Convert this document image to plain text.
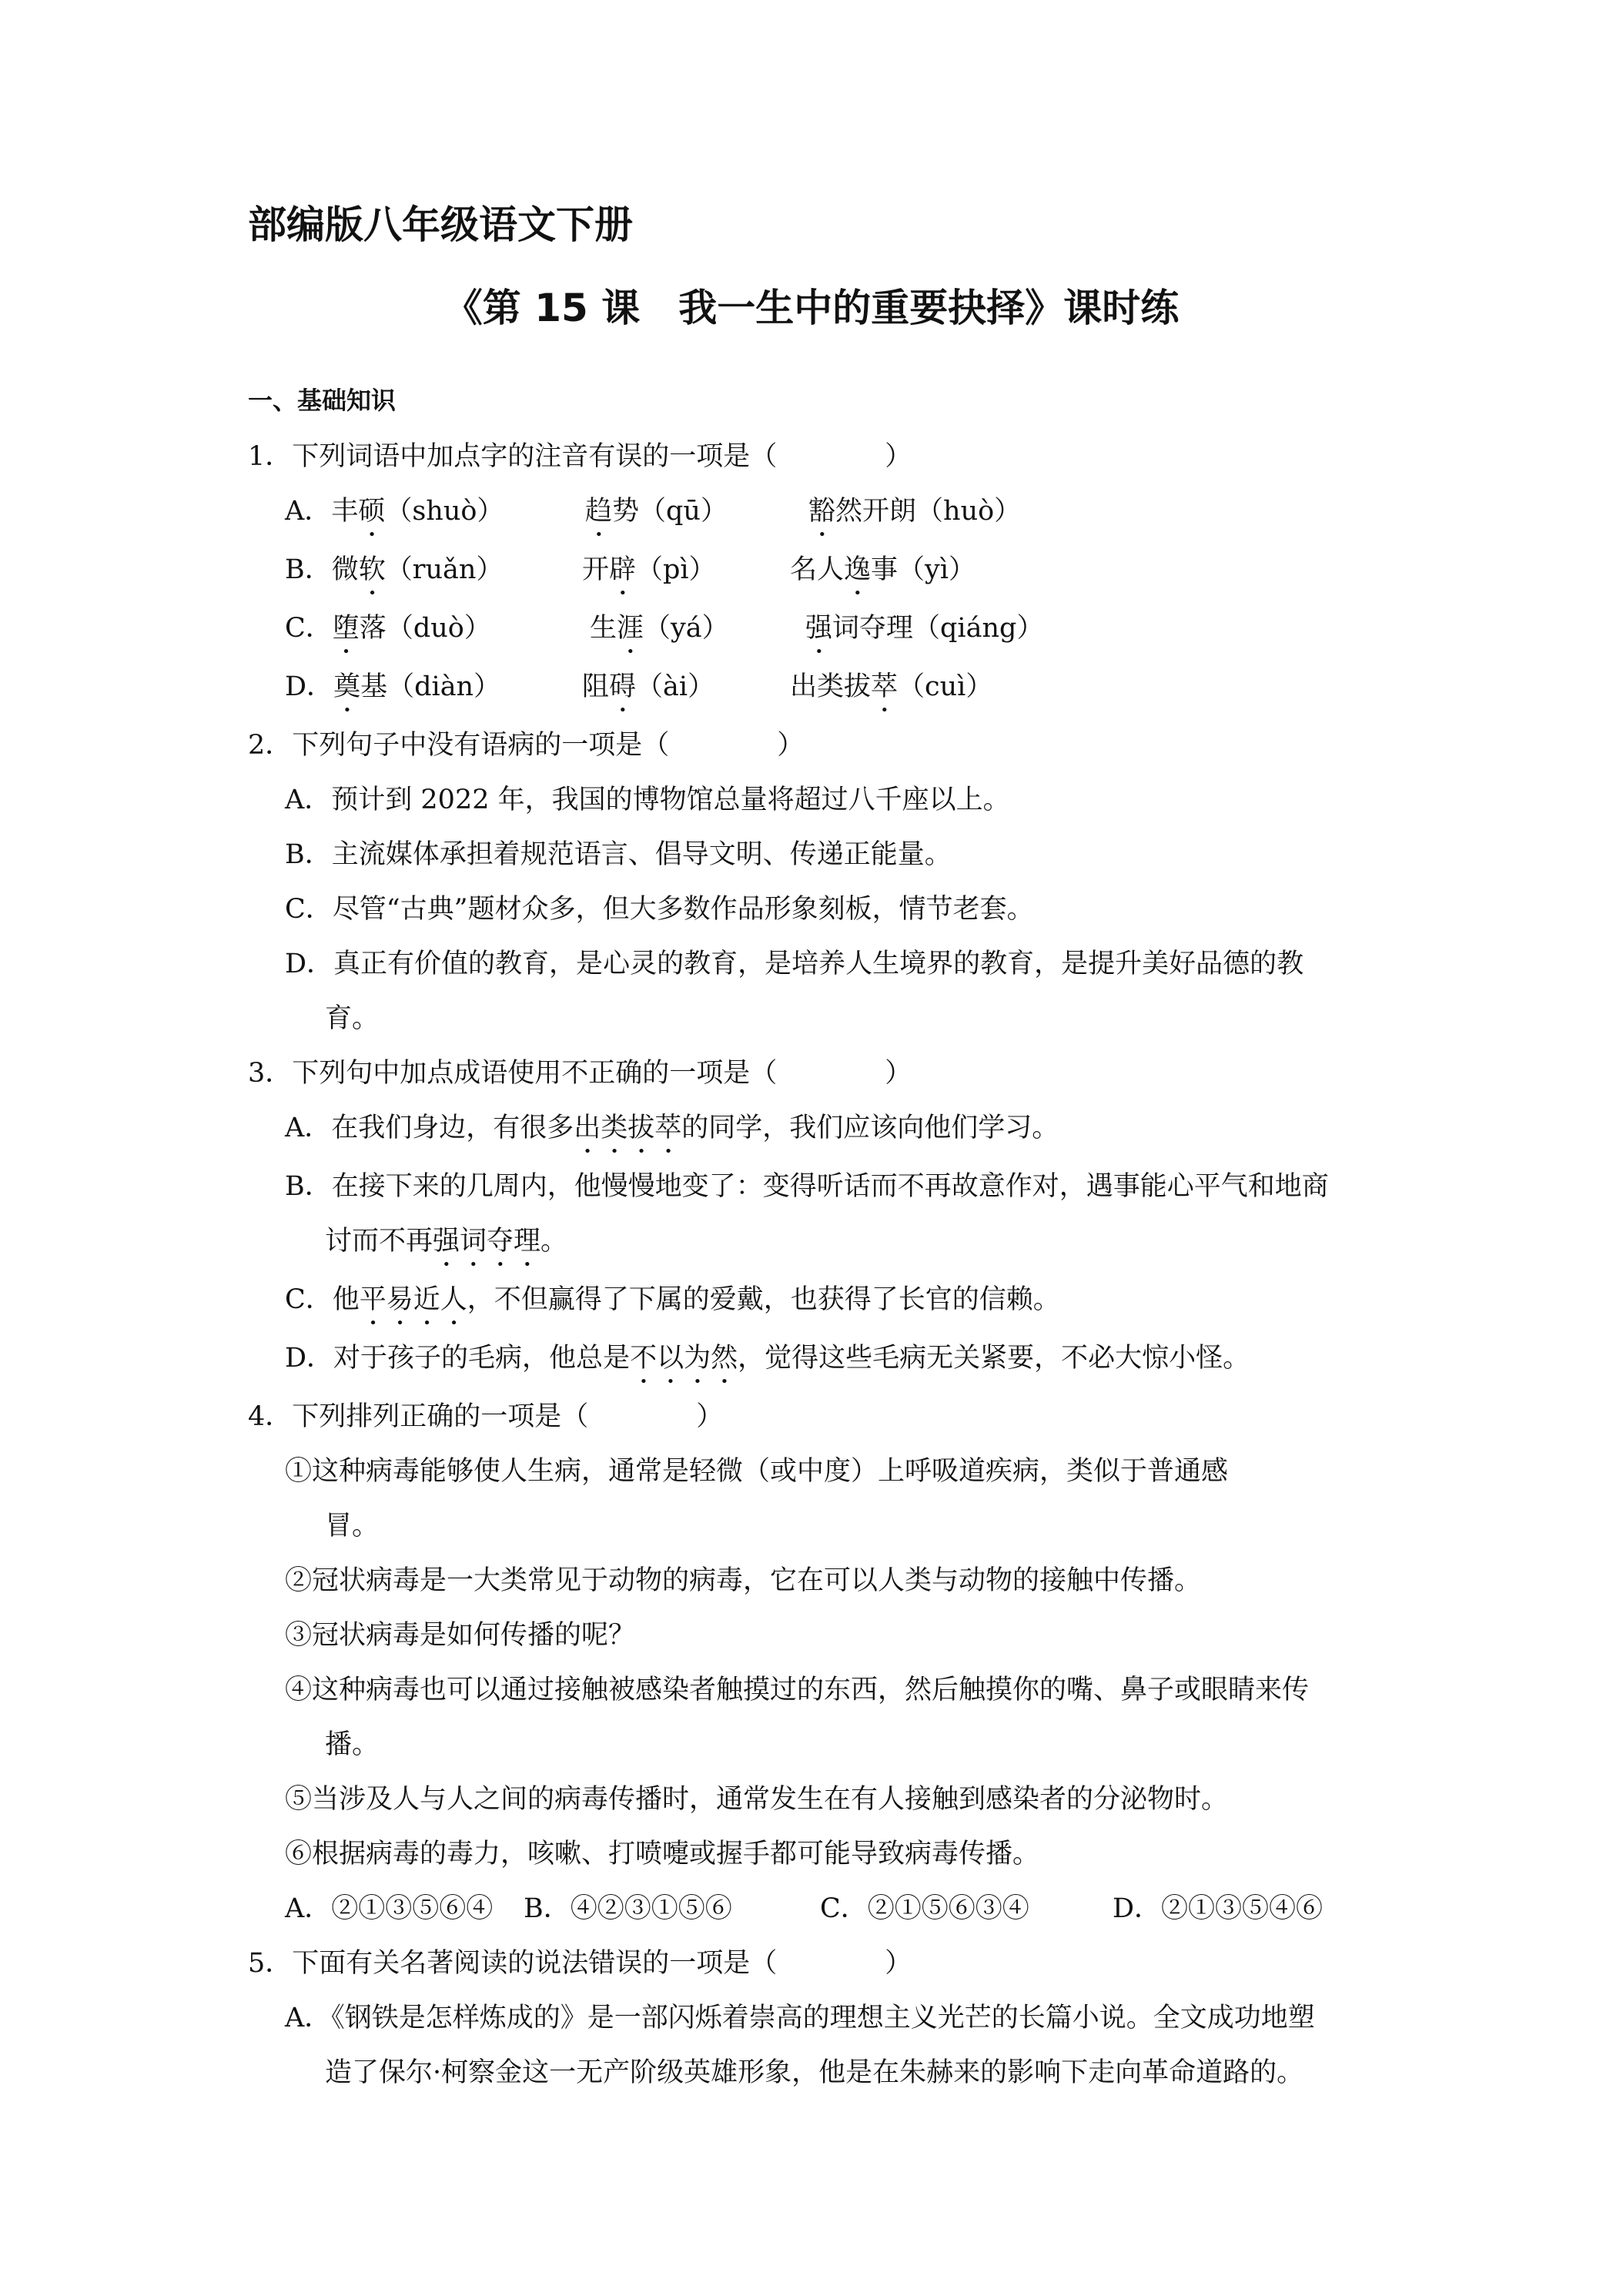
部编版八年级语文下册
《第 15 课　我一生中的重要抉择》课时练
一、基础知识
1．下列词语中加点字的注音有误的一项是（　　　　）
A．丰硕（shuò）	趋势（qū）	豁然开朗（huò）
B．微软（ruǎn）	开辟（pì）	名人逸事（yì）
C．堕落（duò）	生涯（yá）	强词夺理（qiáng）
D．奠基（diàn）	阻碍（ài）	出类拔萃（cuì）
2．下列句子中没有语病的一项是（　　　　）
A．预计到 2022 年，我国的博物馆总量将超过八千座以上。
B．主流媒体承担着规范语言、倡导文明、传递正能量。
C．尽管“古典”题材众多，但大多数作品形象刻板，情节老套。
D．真正有价值的教育，是心灵的教育，是培养人生境界的教育，是提升美好品德的教
育。
3．下列句中加点成语使用不正确的一项是（　　　　）
A．在我们身边，有很多出类拔萃的同学，我们应该向他们学习。
B．在接下来的几周内，他慢慢地变了：变得听话而不再故意作对，遇事能心平气和地商
讨而不再强词夺理。
C．他平易近人，不但赢得了下属的爱戴，也获得了长官的信赖。
D．对于孩子的毛病，他总是不以为然，觉得这些毛病无关紧要，不必大惊小怪。
4．下列排列正确的一项是（　　　　）
①这种病毒能够使人生病，通常是轻微（或中度）上呼吸道疾病，类似于普通感
冒。
②冠状病毒是一大类常见于动物的病毒，它在可以人类与动物的接触中传播。
③冠状病毒是如何传播的呢？
④这种病毒也可以通过接触被感染者触摸过的东西，然后触摸你的嘴、鼻子或眼睛来传
播。
⑤当涉及人与人之间的病毒传播时，通常发生在有人接触到感染者的分泌物时。
⑥根据病毒的毒力，咳嗽、打喷嚏或握手都可能导致病毒传播。
A．②①③⑤⑥④ B．④②③①⑤⑥	C．②①⑤⑥③④	D．②①③⑤④⑥
5．下面有关名著阅读的说法错误的一项是（　　　　）
A．《钢铁是怎样炼成的》是一部闪烁着崇高的理想主义光芒的长篇小说。全文成功地塑
造了保尔·柯察金这一无产阶级英雄形象，他是在朱赫来的影响下走向革命道路的。
